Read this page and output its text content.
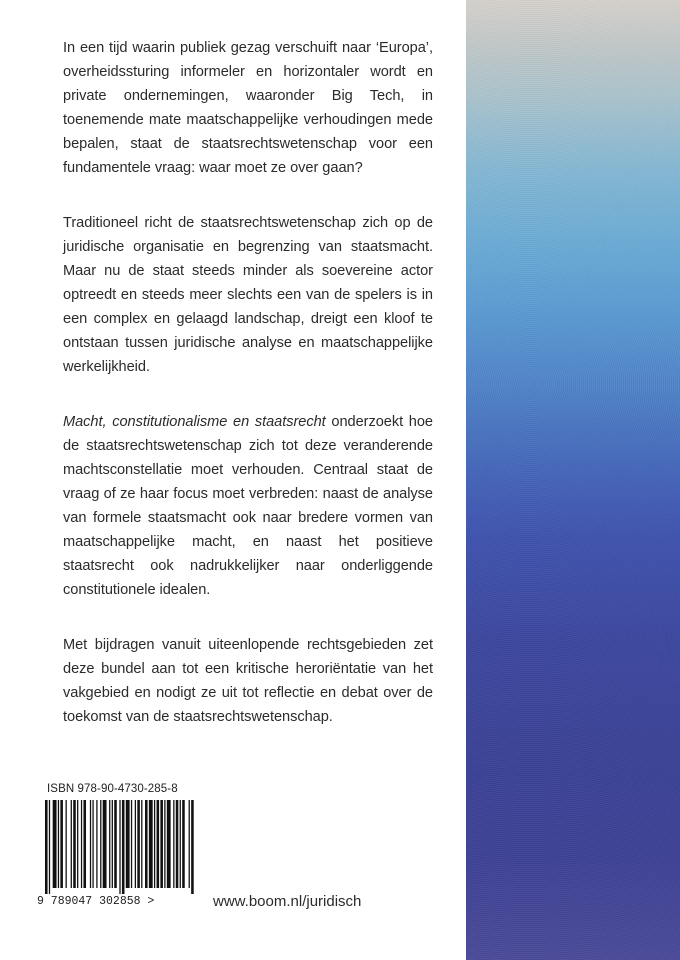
In een tijd waarin publiek gezag verschuift naar ‘Europa’, overheidssturing informeler en horizontaler wordt en private ondernemingen, waaronder Big Tech, in toenemende mate maatschappelijke verhoudingen mede bepalen, staat de staatsrechtswetenschap voor een fundamentele vraag: waar moet ze over gaan?

Traditioneel richt de staatsrechtswetenschap zich op de juridische organisatie en begrenzing van staatsmacht. Maar nu de staat steeds minder als soevereine actor optreedt en steeds meer slechts een van de spelers is in een complex en gelaagd landschap, dreigt een kloof te ontstaan tussen juridische analyse en maatschappelijke werkelijkheid.

Macht, constitutionalisme en staatsrecht onderzoekt hoe de staatsrechtswetenschap zich tot deze veranderende machtsconstellatie moet verhouden. Centraal staat de vraag of ze haar focus moet verbreden: naast de analyse van formele staatsmacht ook naar bredere vormen van maatschappelijke macht, en naast het positieve staatsrecht ook nadrukkelijker naar onderliggende constitutionele idealen.

Met bijdragen vanuit uiteenlopende rechtsgebieden zet deze bundel aan tot een kritische heroriëntatie van het vakgebied en nodigt ze uit tot reflectie en debat over de toekomst van de staatsrechtswetenschap.

ISBN 978-90-4730-285-8
9 789047 302858 >	www.boom.nl/juridisch
